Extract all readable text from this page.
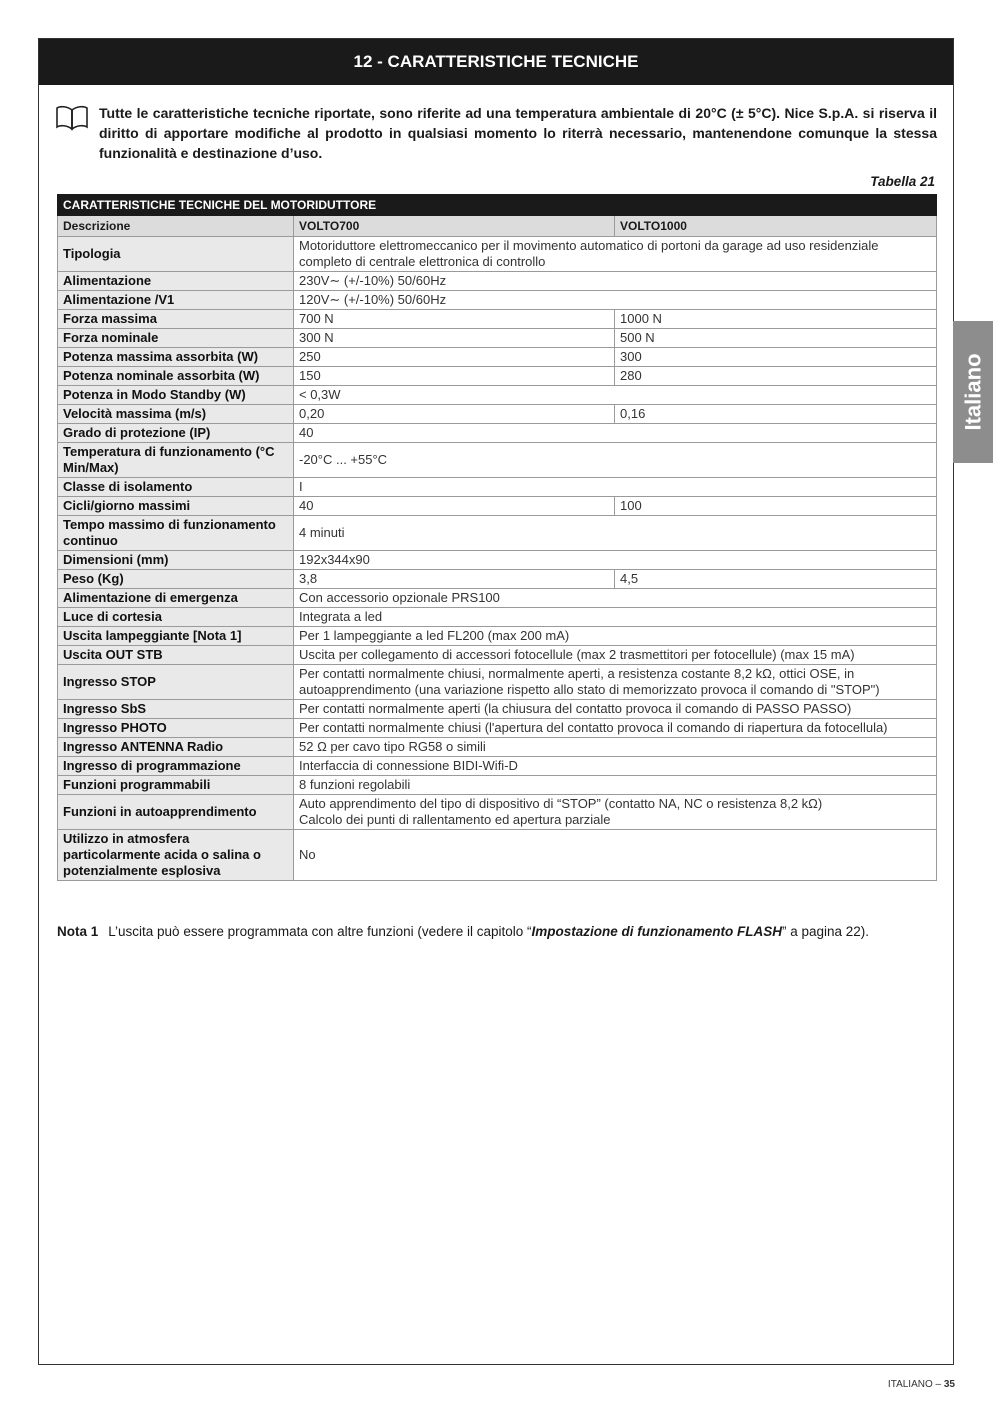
12 - CARATTERISTICHE TECNICHE
Tutte le caratteristiche tecniche riportate, sono riferite ad una temperatura ambientale di 20°C (± 5°C). Nice S.p.A. si riserva il diritto di apportare modifiche al prodotto in qualsiasi momento lo riterrà necessario, mantenendone comunque la stessa funzionalità e destinazione d’uso.
Tabella 21
CARATTERISTICHE TECNICHE DEL MOTORIDUTTORE		
Descrizione	VOLTO700	VOLTO1000
Tipologia	Motoriduttore elettromeccanico per il movimento automatico di portoni da garage ad uso residenziale completo di centrale elettronica di controllo	
Alimentazione	230V∼ (+/-10%) 50/60Hz	
Alimentazione /V1	120V∼ (+/-10%) 50/60Hz	
Forza massima	700 N	1000 N
Forza nominale	300 N	500 N
Potenza massima assorbita (W)	250	300
Potenza nominale assorbita (W)	150	280
Potenza in Modo Standby (W)	< 0,3W	
Velocità massima (m/s)	0,20	0,16
Grado di protezione (IP)	40	
Temperatura di funzionamento (°C Min/Max)	-20°C ... +55°C	
Classe di isolamento	I	
Cicli/giorno massimi	40	100
Tempo massimo di funzionamento continuo	4 minuti	
Dimensioni (mm)	192x344x90	
Peso (Kg)	3,8	4,5
Alimentazione di emergenza	Con accessorio opzionale PRS100	
Luce di cortesia	Integrata a led	
Uscita lampeggiante [Nota 1]	Per 1 lampeggiante a led FL200 (max 200 mA)	
Uscita OUT STB	Uscita per collegamento di accessori fotocellule (max 2 trasmettitori per fotocellule) (max 15 mA)	
Ingresso STOP	Per contatti normalmente chiusi, normalmente aperti, a resistenza costante 8,2 kΩ, ottici OSE, in autoapprendimento (una variazione rispetto allo stato di memorizzato provoca il comando di "STOP")	
Ingresso SbS	Per contatti normalmente aperti (la chiusura del contatto provoca il comando di PASSO PASSO)	
Ingresso PHOTO	Per contatti normalmente chiusi (l'apertura del contatto provoca il comando di riapertura da fotocellula)	
Ingresso ANTENNA Radio	52 Ω per cavo tipo RG58 o simili	
Ingresso di programmazione	Interfaccia di connessione BIDI-Wifi-D	
Funzioni programmabili	8 funzioni regolabili	
Funzioni in autoapprendimento	Auto apprendimento del tipo di dispositivo di “STOP” (contatto NA, NC o resistenza 8,2 kΩ)
Calcolo dei punti di rallentamento ed apertura parziale	
Utilizzo in atmosfera particolarmente acida o salina o potenzialmente esplosiva	No	
Nota 1 L’uscita può essere programmata con altre funzioni (vedere il capitolo “Impostazione di funzionamento FLASH” a pagina 22).
Italiano
ITALIANO – 35
